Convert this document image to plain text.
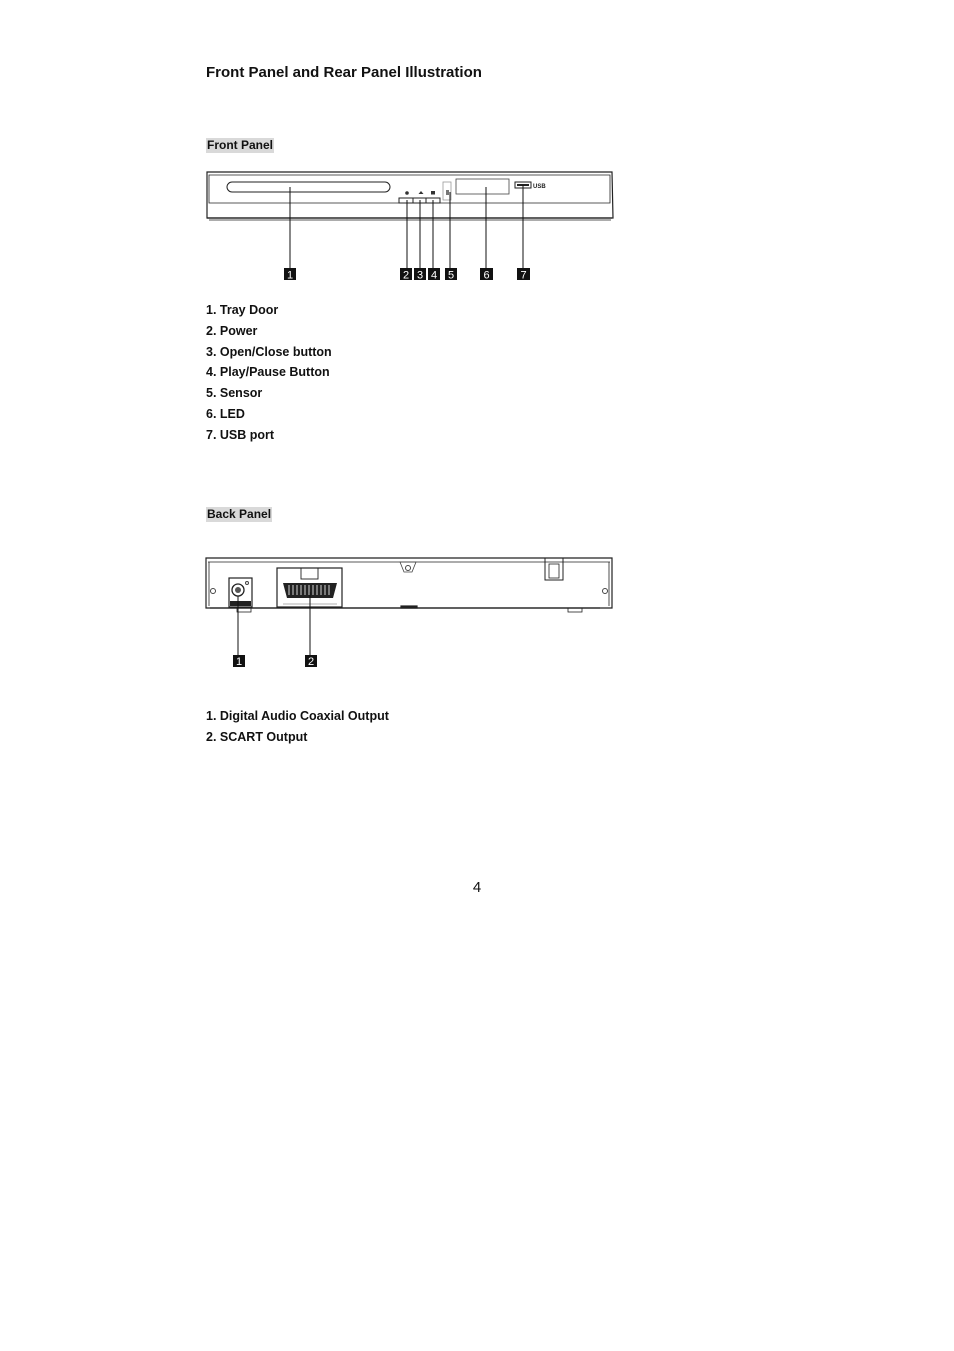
Front Panel and Rear Panel Illustration
Front Panel
USB
1	2 3 4 5	6	7
1. Tray Door
2. Power
3. Open/Close button
4. Play/Pause Button
5. Sensor
6. LED
7. USB port
Back Panel
1	2
1. Digital Audio Coaxial Output
2. SCART Output
4
